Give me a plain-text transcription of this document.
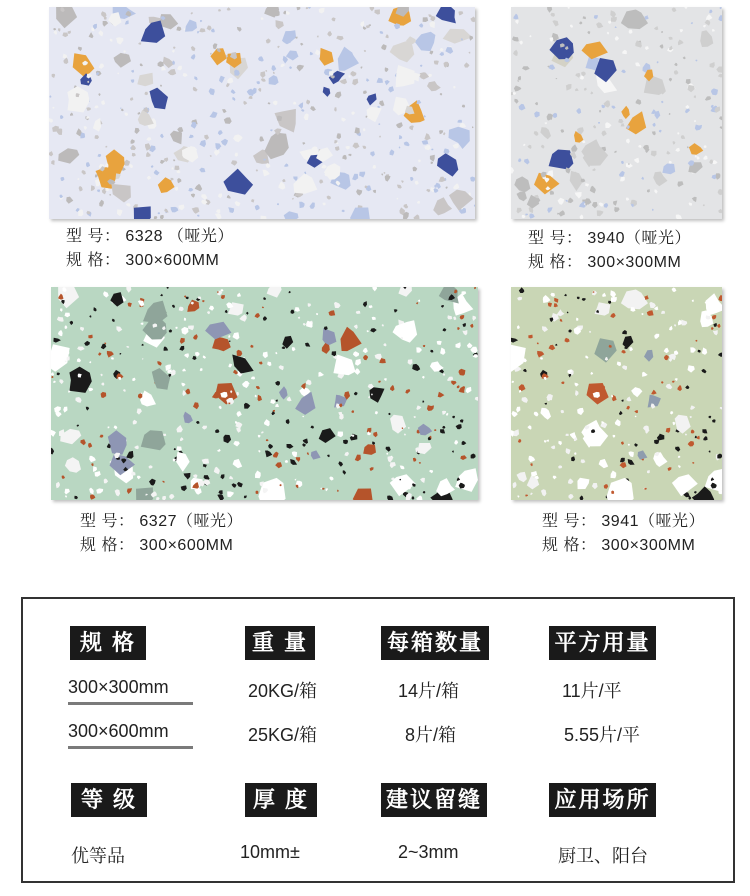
型 号： 6328 （哑光）
规 格： 300×600MM
型 号： 3940（哑光）
规 格： 300×300MM
型 号： 6327（哑光）
规 格： 300×600MM
型 号： 3941（哑光）
规 格： 300×300MM
规 格	重 量	每箱数量	平方用量
300×300mm	20KG/箱	14片/箱	11片/平
300×600mm	25KG/箱	8片/箱	5.55片/平
等 级	厚 度	建议留缝	应用场所
优等品	10mm±	2~3mm	厨卫、阳台
